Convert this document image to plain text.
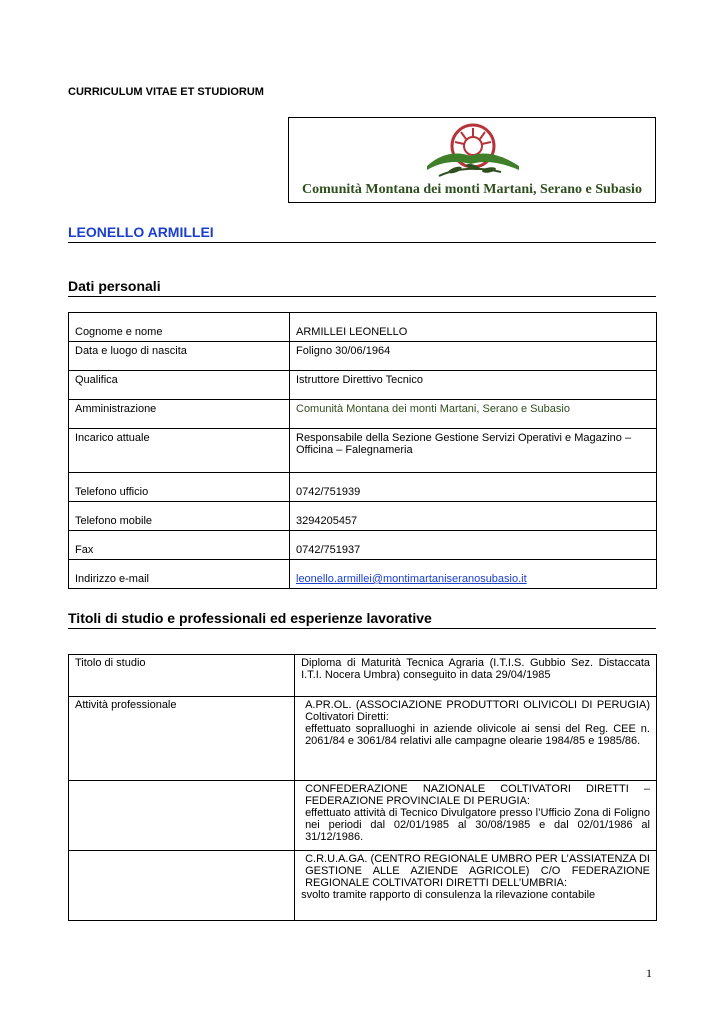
CURRICULUM VITAE ET STUDIORUM
Comunità Montana dei monti Martani, Serano e Subasio
LEONELLO ARMILLEI
Dati personali
Cognome e nome	ARMILLEI LEONELLO
Data e luogo di nascita	Foligno 30/06/1964
Qualifica	Istruttore Direttivo Tecnico
Amministrazione	Comunità Montana dei monti Martani, Serano e Subasio
Incarico attuale	Responsabile della Sezione Gestione Servizi Operativi e Magazino – Officina – Falegnameria
Telefono ufficio	0742/751939
Telefono mobile	3294205457
Fax	0742/751937
Indirizzo e-mail	leonello.armillei@montimartaniseranosubasio.it
Titoli di studio e professionali ed esperienze lavorative
Titolo di studio	Diploma di Maturità Tecnica Agraria (I.T.I.S. Gubbio Sez. Distaccata I.T.I. Nocera Umbra) conseguito in data 29/04/1985
Attività professionale	A.PR.OL. (ASSOCIAZIONE PRODUTTORI OLIVICOLI DI PERUGIA) Coltivatori Diretti:
effettuato sopralluoghi in aziende olivicole ai sensi del Reg. CEE n. 2061/84 e 3061/84 relativi alle campagne olearie 1984/85 e 1985/86.

	CONFEDERAZIONE NAZIONALE COLTIVATORI DIRETTI – FEDERAZIONE PROVINCIALE DI PERUGIA:
effettuato attività di Tecnico Divulgatore presso l’Ufficio Zona di Foligno nei periodi dal 02/01/1985 al 30/08/1985 e dal 02/01/1986 al 31/12/1986.

	C.R.U.A.GA. (CENTRO REGIONALE UMBRO PER L’ASSIATENZA DI GESTIONE ALLE AZIENDE AGRICOLE) C/O FEDERAZIONE REGIONALE COLTIVATORI DIRETTI DELL’UMBRIA:
svolto tramite rapporto di consulenza la rilevazione contabile
1
